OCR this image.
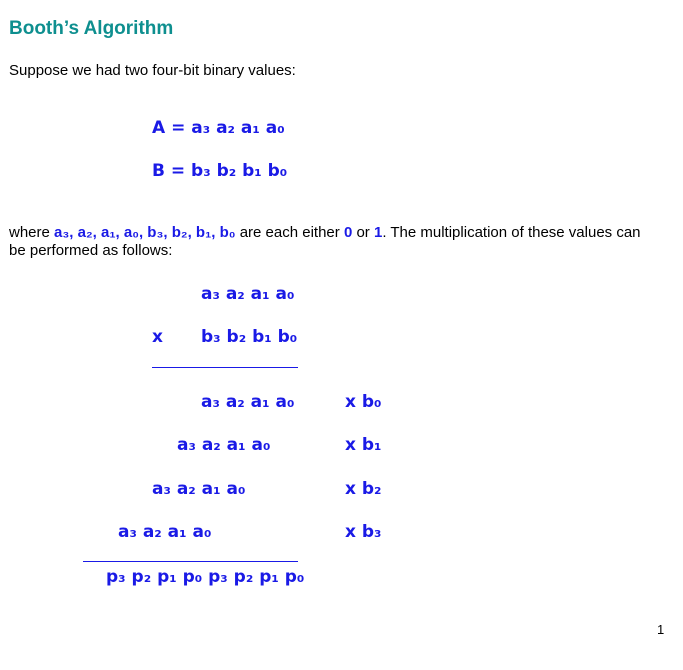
Booth’s Algorithm
Suppose we had two four-bit binary values:
A = a₃ a₂ a₁ a₀
B = b₃ b₂ b₁ b₀
where a₃, a₂, a₁, a₀, b₃, b₂, b₁, b₀ are each either 0 or 1. The multiplication of these values can be performed as follows:
a₃ a₂ a₁ a₀
x b₃ b₂ b₁ b₀
a₃ a₂ a₁ a₀	x b₀
a₃ a₂ a₁ a₀	x b₁
a₃ a₂ a₁ a₀	x b₂
a₃ a₂ a₁ a₀	x b₃
p₃ p₂ p₁ p₀ p₃ p₂ p₁ p₀
1
